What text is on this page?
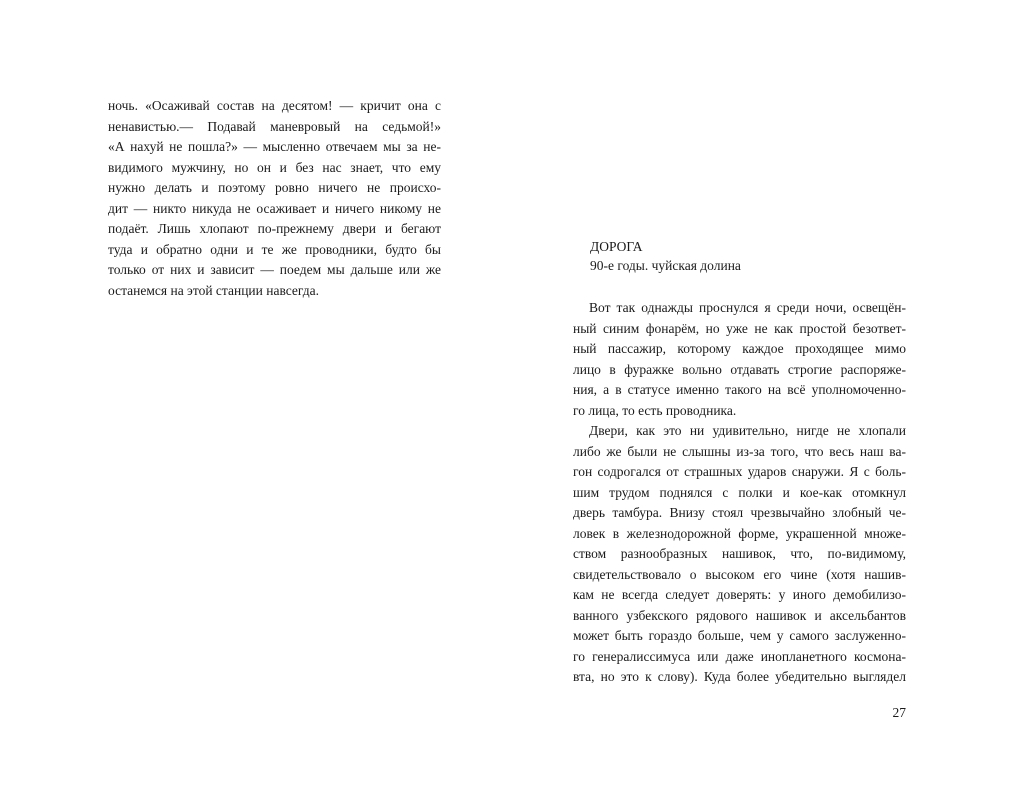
ночь. «Осаживай состав на десятом! — кричит она с
ненавистью.— Подавай маневровый на седьмой!»
«А нахуй не пошла?» — мысленно отвечаем мы за не-
видимого мужчину, но он и без нас знает, что ему
нужно делать и поэтому ровно ничего не происхо-
дит — никто никуда не осаживает и ничего никому не
подаёт. Лишь хлопают по-прежнему двери и бегают
туда и обратно одни и те же проводники, будто бы
только от них и зависит — поедем мы дальше или же
останемся на этой станции навсегда.
ДОРОГА
90-е годы. чуйская долина
Вот так однажды проснулся я среди ночи, освещён-
ный синим фонарём, но уже не как простой безответ-
ный пассажир, которому каждое проходящее мимо
лицо в фуражке вольно отдавать строгие распоряже-
ния, а в статусе именно такого на всё уполномоченно-
го лица, то есть проводника.
Двери, как это ни удивительно, нигде не хлопали
либо же были не слышны из-за того, что весь наш ва-
гон содрогался от страшных ударов снаружи. Я с боль-
шим трудом поднялся с полки и кое-как отомкнул
дверь тамбура. Внизу стоял чрезвычайно злобный че-
ловек в железнодорожной форме, украшенной множе-
ством разнообразных нашивок, что, по-видимому,
свидетельствовало о высоком его чине (хотя нашив-
кам не всегда следует доверять: у иного демобилизо-
ванного узбекского рядового нашивок и аксельбантов
может быть гораздо больше, чем у самого заслуженно-
го генералиссимуса или даже инопланетного космона-
вта, но это к слову). Куда более убедительно выглядел
27
